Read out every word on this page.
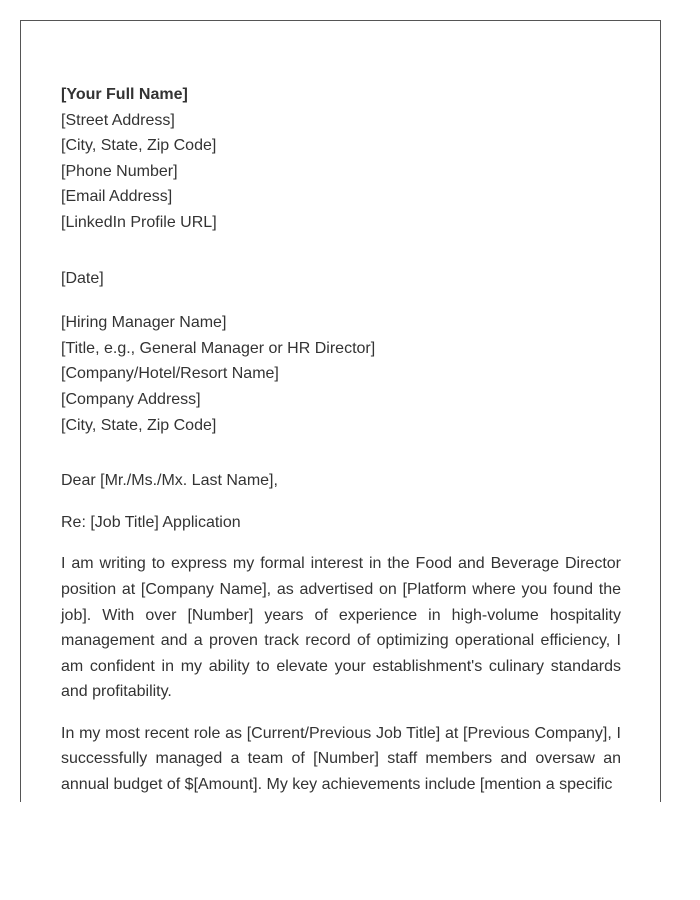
[Your Full Name]
[Street Address]
[City, State, Zip Code]
[Phone Number]
[Email Address]
[LinkedIn Profile URL]
[Date]
[Hiring Manager Name]
[Title, e.g., General Manager or HR Director]
[Company/Hotel/Resort Name]
[Company Address]
[City, State, Zip Code]
Dear [Mr./Ms./Mx. Last Name],
Re: [Job Title] Application

I am writing to express my formal interest in the Food and Beverage Director position at [Company Name], as advertised on [Platform where you found the job]. With over [Number] years of experience in high-volume hospitality management and a proven track record of optimizing operational efficiency, I am confident in my ability to elevate your establishment's culinary standards and profitability.

In my most recent role as [Current/Previous Job Title] at [Previous Company], I successfully managed a team of [Number] staff members and oversaw an annual budget of $[Amount]. My key achievements include [mention a specific
